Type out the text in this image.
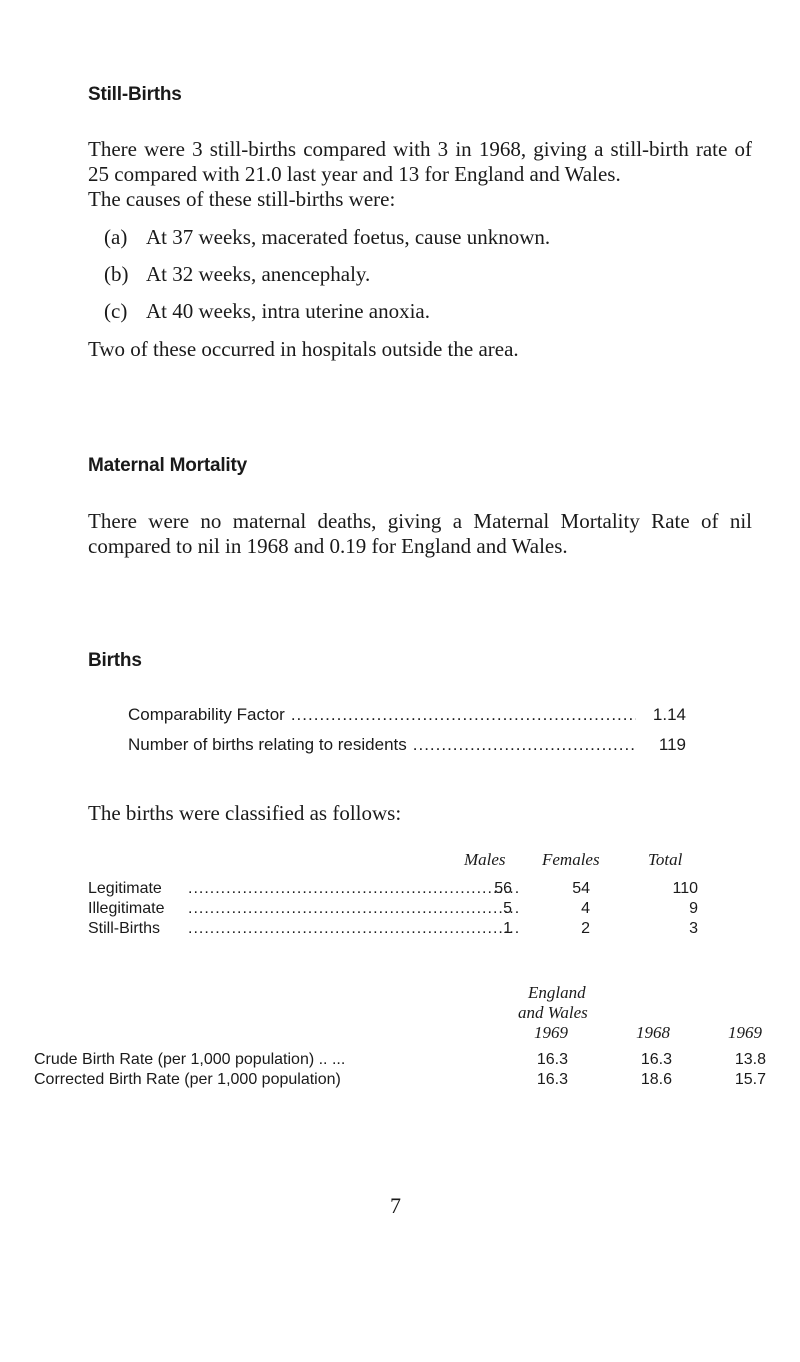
Still-Births

There were 3 still-births compared with 3 in 1968, giving a still-birth rate of 25 compared with 21.0 last year and 13 for England and Wales.

The causes of these still-births were:

(a) At 37 weeks, macerated foetus, cause unknown.
(b) At 32 weeks, anencephaly.
(c) At 40 weeks, intra uterine anoxia.

Two of these occurred in hospitals outside the area.

Maternal Mortality

There were no maternal deaths, giving a Maternal Mortality Rate of nil compared to nil in 1968 and 0.19 for England and Wales.

Births
Comparability Factor .....	1.14
Number of births relating to residents .....	119

The births were classified as follows:

Males Females	Total
Legitimate .....	56	54	110
Illegitimate .....	5	4	9
Still-Births .....	1	2	3
England
and Wales
1969	1968	1969
Crude Birth Rate (per 1,000 population) .. ...	16.3	16.3	13.8
Corrected Birth Rate (per 1,000 population)	16.3	18.6	15.7
7
